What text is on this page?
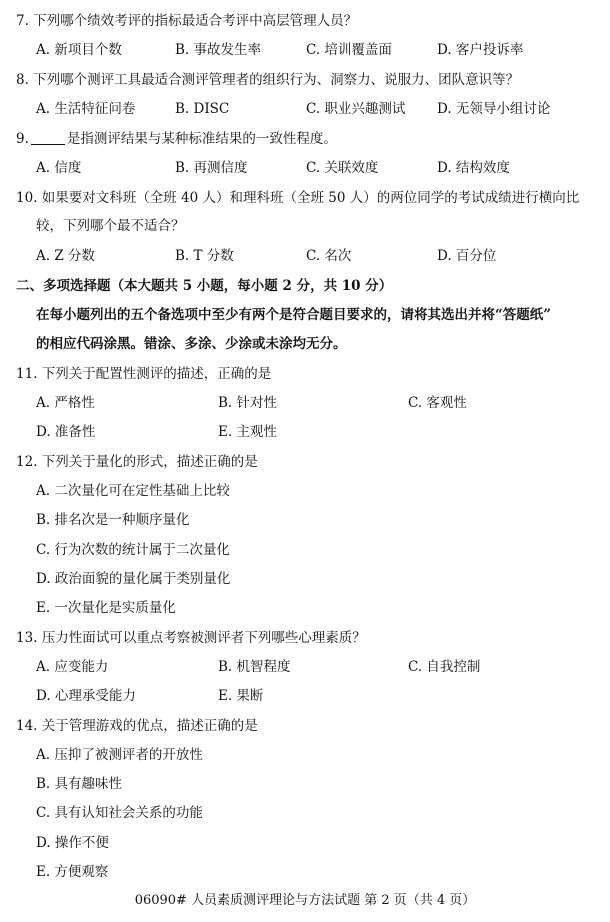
7. 下列哪个绩效考评的指标最适合考评中高层管理人员？
A. 新项目个数	B. 事故发生率	C. 培训覆盖面	D. 客户投诉率
8. 下列哪个测评工具最适合测评管理者的组织行为、洞察力、说服力、团队意识等？
A. 生活特征问卷	B. DISC	C. 职业兴趣测试 D. 无领导小组讨论
9.	是指测评结果与某种标准结果的一致性程度。
A. 信度	B. 再测信度	C. 关联效度	D. 结构效度
10. 如果要对文科班（全班 40 人）和理科班（全班 50 人）的两位同学的考试成绩进行横向比
较，下列哪个最不适合？
A. Z 分数	B. T 分数	C. 名次	D. 百分位
二、多项选择题（本大题共 5 小题，每小题 2 分，共 10 分）
在每小题列出的五个备选项中至少有两个是符合题目要求的，请将其选出并将“答题纸”
的相应代码涂黑。错涂、多涂、少涂或未涂均无分。
11. 下列关于配置性测评的描述，正确的是
A. 严格性	B. 针对性	C. 客观性
D. 准备性	E. 主观性
12. 下列关于量化的形式，描述正确的是
A. 二次量化可在定性基础上比较
B. 排名次是一种顺序量化
C. 行为次数的统计属于二次量化
D. 政治面貌的量化属于类别量化
E. 一次量化是实质量化
13. 压力性面试可以重点考察被测评者下列哪些心理素质？
A. 应变能力	B. 机智程度	C. 自我控制
D. 心理承受能力	E. 果断
14. 关于管理游戏的优点，描述正确的是
A. 压抑了被测评者的开放性
B. 具有趣味性
C. 具有认知社会关系的功能
D. 操作不便
E. 方便观察
06090# 人员素质测评理论与方法试题 第 2 页（共 4 页）
